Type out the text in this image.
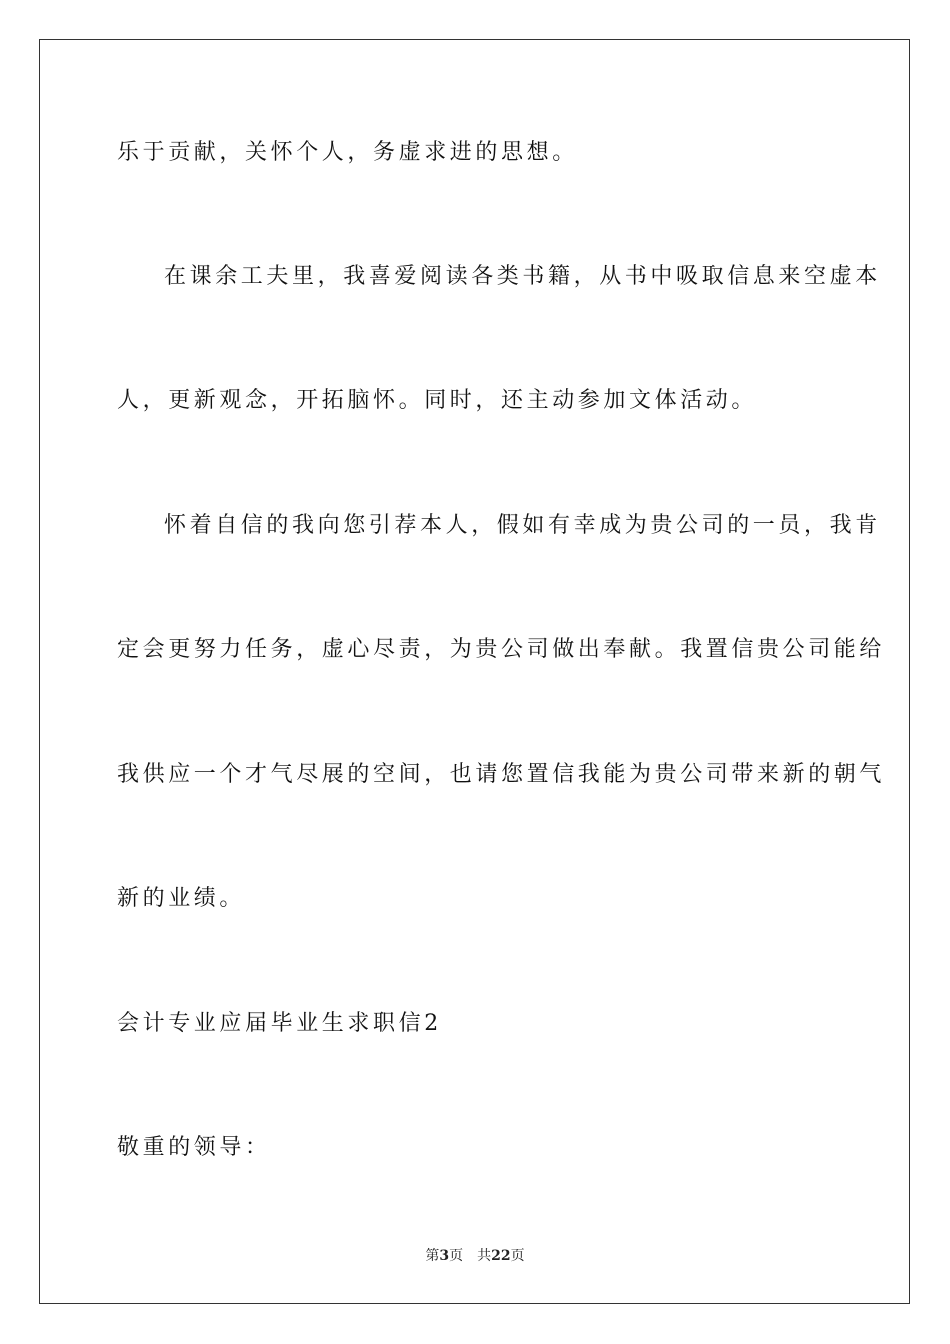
乐于贡献，关怀个人，务虚求进的思想。
在课余工夫里，我喜爱阅读各类书籍，从书中吸取信息来空虚本
人，更新观念，开拓脑怀。同时，还主动参加文体活动。
怀着自信的我向您引荐本人，假如有幸成为贵公司的一员，我肯
定会更努力任务，虚心尽责，为贵公司做出奉献。我置信贵公司能给
我供应一个才气尽展的空间，也请您置信我能为贵公司带来新的朝气
新的业绩。
会计专业应届毕业生求职信2
敬重的领导：
第3页 共22页
